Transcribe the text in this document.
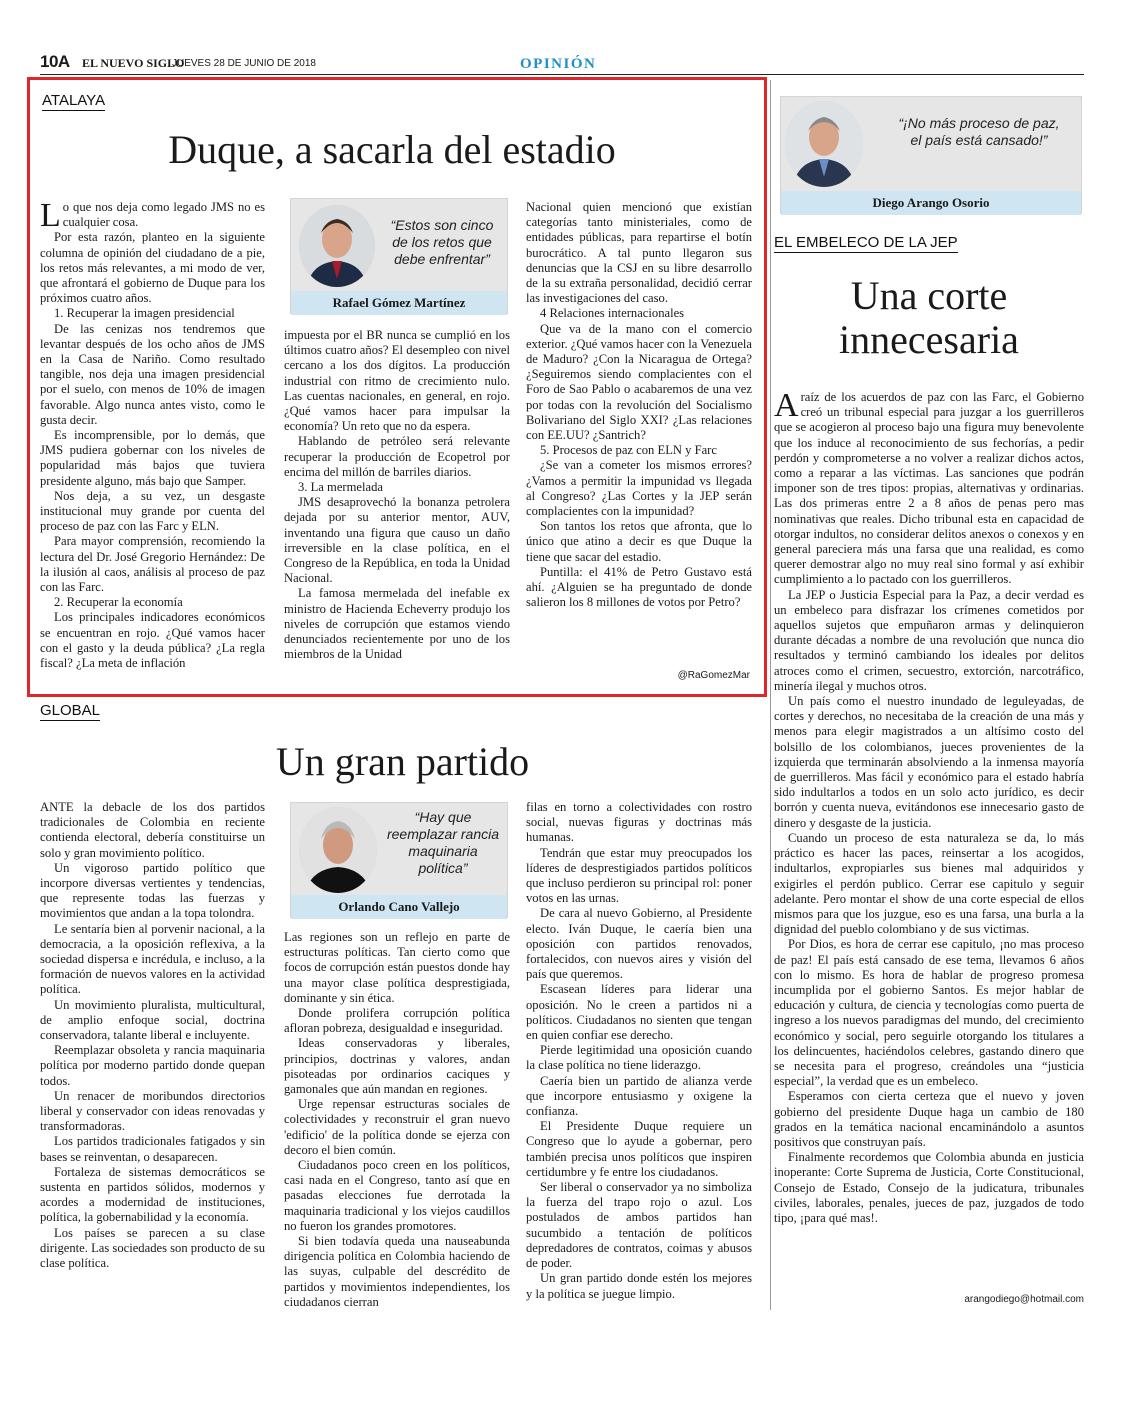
10A EL NUEVO SIGLO
JUEVES 28 DE JUNIO DE 2018	OPINIÓN
ATALAYA
Duque, a sacarla del estadio

Lo que nos deja como legado JMS no es cualquier cosa.

Por esta razón, planteo en la siguiente columna de opinión del ciudadano de a pie, los retos más relevantes, a mi modo de ver, que afrontará el gobierno de Duque para los próximos cuatro años.

1. Recuperar la imagen presidencial

De las cenizas nos tendremos que levantar después de los ocho años de JMS en la Casa de Nariño. Como resultado tangible, nos deja una imagen presidencial por el suelo, con menos de 10% de imagen favorable. Algo nunca antes visto, como le gusta decir.

Es incomprensible, por lo demás, que JMS pudiera gobernar con los niveles de popularidad más bajos que tuviera presidente alguno, más bajo que Samper.

Nos deja, a su vez, un desgaste institucional muy grande por cuenta del proceso de paz con las Farc y ELN.

Para mayor comprensión, recomiendo la lectura del Dr. José Gregorio Hernández: De la ilusión al caos, análisis al proceso de paz con las Farc.

2. Recuperar la economía

Los principales indicadores económicos se encuentran en rojo. ¿Qué vamos hacer con el gasto y la deuda pública? ¿La regla fiscal? ¿La meta de inflación

“Estos son cinco de los retos que debe enfrentar”
Rafael Gómez Martínez

impuesta por el BR nunca se cumplió en los últimos cuatro años? El desempleo con nivel cercano a los dos dígitos. La producción industrial con ritmo de crecimiento nulo. Las cuentas nacionales, en general, en rojo. ¿Qué vamos hacer para impulsar la economía? Un reto que no da espera.

Hablando de petróleo será relevante recuperar la producción de Ecopetrol por encima del millón de barriles diarios.

3. La mermelada

JMS desaprovechó la bonanza petrolera dejada por su anterior mentor, AUV, inventando una figura que causo un daño irreversible en la clase política, en el Congreso de la República, en toda la Unidad Nacional.

La famosa mermelada del inefable ex ministro de Hacienda Echeverry produjo los niveles de corrupción que estamos viendo denunciados recientemente por uno de los miembros de la Unidad

Nacional quien mencionó que existían categorías tanto ministeriales, como de entidades públicas, para repartirse el botín burocrático. A tal punto llegaron sus denuncias que la CSJ en su libre desarrollo de la su extraña personalidad, decidió cerrar las investigaciones del caso.

4 Relaciones internacionales

Que va de la mano con el comercio exterior. ¿Qué vamos hacer con la Venezuela de Maduro? ¿Con la Nicaragua de Ortega? ¿Seguiremos siendo complacientes con el Foro de Sao Pablo o acabaremos de una vez por todas con la revolución del Socialismo Bolivariano del Siglo XXI? ¿Las relaciones con EE.UU? ¿Santrich?

5. Procesos de paz con ELN y Farc

¿Se van a cometer los mismos errores? ¿Vamos a permitir la impunidad vs llegada al Congreso? ¿Las Cortes y la JEP serán complacientes con la impunidad?

Son tantos los retos que afronta, que lo único que atino a decir es que Duque la tiene que sacar del estadio.

Puntilla: el 41% de Petro Gustavo está ahí. ¿Alguien se ha preguntado de donde salieron los 8 millones de votos por Petro?

@RaGomezMar
“¡No más proceso de paz, el país está cansado!”
Diego Arango Osorio
EL EMBELECO DE LA JEP
Una corte
innecesaria

A raíz de los acuerdos de paz con las Farc, el Gobierno creó un tribunal especial para juzgar a los guerrilleros que se acogieron al proceso bajo una figura muy benevolente que los induce al reconocimiento de sus fechorías, a pedir perdón y comprometerse a no volver a realizar dichos actos, como a reparar a las víctimas. Las sanciones que podrán imponer son de tres tipos: propias, alternativas y ordinarias. Las dos primeras entre 2 a 8 años de penas pero mas nominativas que reales. Dicho tribunal esta en capacidad de otorgar indultos, no considerar delitos anexos o conexos y en general pareciera más una farsa que una realidad, es como querer demostrar algo no muy real sino formal y así exhibir cumplimiento a lo pactado con los guerrilleros.

La JEP o Justicia Especial para la Paz, a decir verdad es un embeleco para disfrazar los crímenes cometidos por aquellos sujetos que empuñaron armas y delinquieron durante décadas a nombre de una revolución que nunca dio resultados y terminó cambiando los ideales por delitos atroces como el crimen, secuestro, extorción, narcotráfico, minería ilegal y muchos otros.

Un país como el nuestro inundado de leguleyadas, de cortes y derechos, no necesitaba de la creación de una más y menos para elegir magistrados a un altísimo costo del bolsillo de los colombianos, jueces provenientes de la izquierda que terminarán absolviendo a la inmensa mayoría de guerrilleros. Mas fácil y económico para el estado habría sido indultarlos a todos en un solo acto jurídico, es decir borrón y cuenta nueva, evitándonos ese innecesario gasto de dinero y desgaste de la justicia.

Cuando un proceso de esta naturaleza se da, lo más práctico es hacer las paces, reinsertar a los acogidos, indultarlos, expropiarles sus bienes mal adquiridos y exigirles el perdón publico. Cerrar ese capitulo y seguir adelante. Pero montar el show de una corte especial de ellos mismos para que los juzgue, eso es una farsa, una burla a la dignidad del pueblo colombiano y de sus victimas.

Por Dios, es hora de cerrar ese capitulo, ¡no mas proceso de paz! El país está cansado de ese tema, llevamos 6 años con lo mismo. Es hora de hablar de progreso promesa incumplida por el gobierno Santos. Es mejor hablar de educación y cultura, de ciencia y tecnologías como puerta de ingreso a los nuevos paradigmas del mundo, del crecimiento económico y social, pero seguirle otorgando los titulares a los delincuentes, haciéndolos celebres, gastando dinero que se necesita para el progreso, creándoles una “justicia especial”, la verdad que es un embeleco.

Esperamos con cierta certeza que el nuevo y joven gobierno del presidente Duque haga un cambio de 180 grados en la temática nacional encaminándolo a asuntos positivos que construyan país.

Finalmente recordemos que Colombia abunda en justicia inoperante: Corte Suprema de Justicia, Corte Constitucional, Consejo de Estado, Consejo de la judicatura, tribunales civiles, laborales, penales, jueces de paz, juzgados de todo tipo, ¡para qué mas!.

arangodiego@hotmail.com
GLOBAL
Un gran partido

ANTE la debacle de los dos partidos tradicionales de Colombia en reciente contienda electoral, debería constituirse un solo y gran movimiento político.

Un vigoroso partido político que incorpore diversas vertientes y tendencias, que represente todas las fuerzas y movimientos que andan a la topa tolondra.

Le sentaría bien al porvenir nacional, a la democracia, a la oposición reflexiva, a la sociedad dispersa e incrédula, e incluso, a la formación de nuevos valores en la actividad política.

Un movimiento pluralista, multicultural, de amplio enfoque social, doctrina conservadora, talante liberal e incluyente.

Reemplazar obsoleta y rancia maquinaria política por moderno partido donde quepan todos.

Un renacer de moribundos directorios liberal y conservador con ideas renovadas y transformadoras.

Los partidos tradicionales fatigados y sin bases se reinventan, o desaparecen.

Fortaleza de sistemas democráticos se sustenta en partidos sólidos, modernos y acordes a modernidad de instituciones, política, la gobernabilidad y la economía.

Los países se parecen a su clase dirigente. Las sociedades son producto de su clase política.

“Hay que reemplazar rancia maquinaria política”
Orlando Cano Vallejo

Las regiones son un reflejo en parte de estructuras políticas. Tan cierto como que focos de corrupción están puestos donde hay una mayor clase política desprestigiada, dominante y sin ética.

Donde prolifera corrupción política afloran pobreza, desigualdad e inseguridad.

Ideas conservadoras y liberales, principios, doctrinas y valores, andan pisoteadas por ordinarios caciques y gamonales que aún mandan en regiones.

Urge repensar estructuras sociales de colectividades y reconstruir el gran nuevo 'edificio' de la política donde se ejerza con decoro el bien común.

Ciudadanos poco creen en los políticos, casi nada en el Congreso, tanto así que en pasadas elecciones fue derrotada la maquinaria tradicional y los viejos caudillos no fueron los grandes promotores.

Si bien todavía queda una nauseabunda dirigencia política en Colombia haciendo de las suyas, culpable del descrédito de partidos y movimientos independientes, los ciudadanos cierran

filas en torno a colectividades con rostro social, nuevas figuras y doctrinas más humanas.

Tendrán que estar muy preocupados los líderes de desprestigiados partidos políticos que incluso perdieron su principal rol: poner votos en las urnas.

De cara al nuevo Gobierno, al Presidente electo. Iván Duque, le caería bien una oposición con partidos renovados, fortalecidos, con nuevos aires y visión del país que queremos.

Escasean líderes para liderar una oposición. No le creen a partidos ni a políticos. Ciudadanos no sienten que tengan en quien confiar ese derecho.

Pierde legitimidad una oposición cuando la clase política no tiene liderazgo.

Caería bien un partido de alianza verde que incorpore entusiasmo y oxigene la confianza.

El Presidente Duque requiere un Congreso que lo ayude a gobernar, pero también precisa unos políticos que inspiren certidumbre y fe entre los ciudadanos.

Ser liberal o conservador ya no simboliza la fuerza del trapo rojo o azul. Los postulados de ambos partidos han sucumbido a tentación de políticos depredadores de contratos, coimas y abusos de poder.

Un gran partido donde estén los mejores y la política se juegue limpio.
